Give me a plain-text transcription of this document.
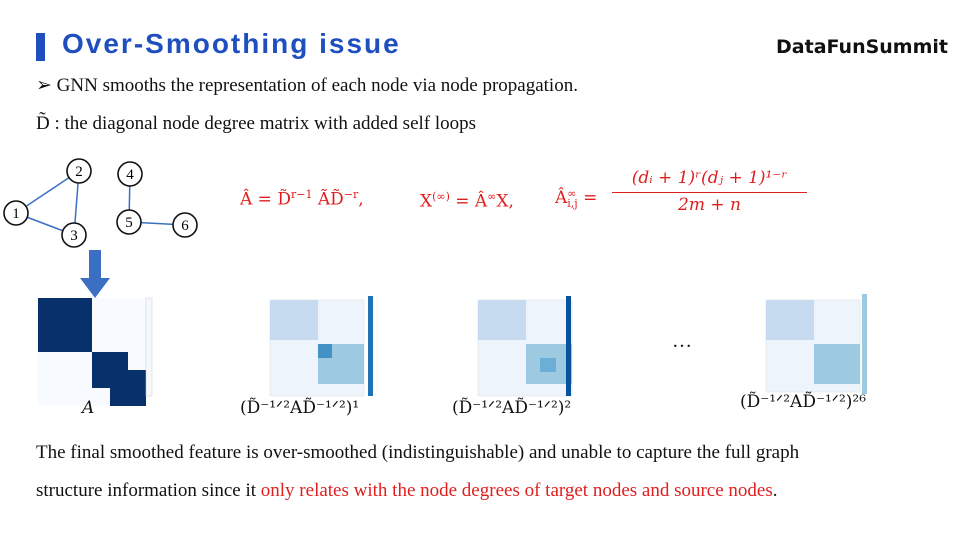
Over-Smoothing issue	DataFunSummit
➢ GNN smooths the representation of each node via node propagation.
D̃ : the diagonal node degree matrix with added self loops
1
2
3
4
5	6
Â = D̃$^{r-1}$ ÃD̃$^{-r}$,	X(∞) = Â∞X, Â ∞
i,j =
(dᵢ + 1)ʳ(dⱼ + 1)¹⁻ʳ
2m + n
A	(D̃⁻¹ᐟ²AD̃⁻¹ᐟ²)¹	(D̃⁻¹ᐟ²AD̃⁻¹ᐟ²)²
…
(D̃⁻¹ᐟ²AD̃⁻¹ᐟ²)²⁶
The final smoothed feature is over-smoothed (indistinguishable) and unable to capture the full graph
structure information since it only relates with the node degrees of target nodes and source nodes.
